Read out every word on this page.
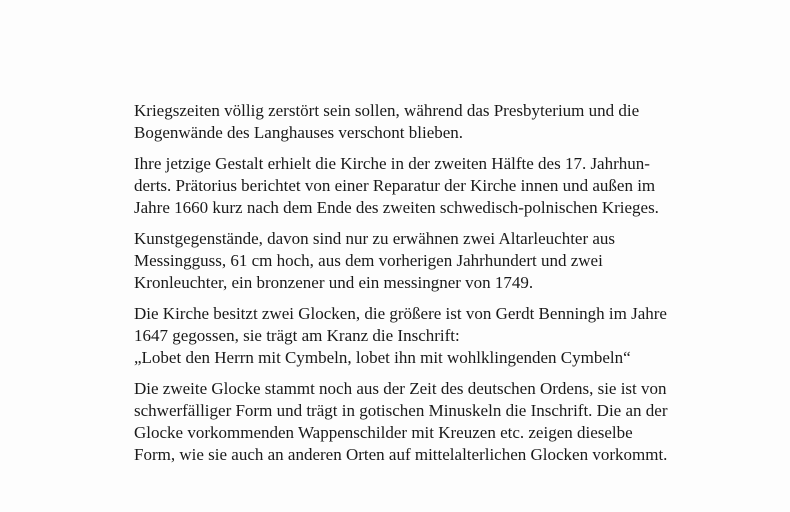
Kriegszeiten völlig zerstört sein sollen, während das Presbyterium und die
Bogenwände des Langhauses verschont blieben.

Ihre jetzige Gestalt erhielt die Kirche in der zweiten Hälfte des 17. Jahrhun-
derts. Prätorius berichtet von einer Reparatur der Kirche innen und außen im
Jahre 1660 kurz nach dem Ende des zweiten schwedisch-polnischen Krieges.

Kunstgegenstände, davon sind nur zu erwähnen zwei Altarleuchter aus
Messingguss, 61 cm hoch, aus dem vorherigen Jahrhundert und zwei
Kronleuchter, ein bronzener und ein messingner von 1749.

Die Kirche besitzt zwei Glocken, die größere ist von Gerdt Benningh im Jahre
1647 gegossen, sie trägt am Kranz die Inschrift:
„Lobet den Herrn mit Cymbeln, lobet ihn mit wohlklingenden Cymbeln“

Die zweite Glocke stammt noch aus der Zeit des deutschen Ordens, sie ist von
schwerfälliger Form und trägt in gotischen Minuskeln die Inschrift. Die an der
Glocke vorkommenden Wappenschilder mit Kreuzen etc. zeigen dieselbe
Form, wie sie auch an anderen Orten auf mittelalterlichen Glocken vorkommt.
